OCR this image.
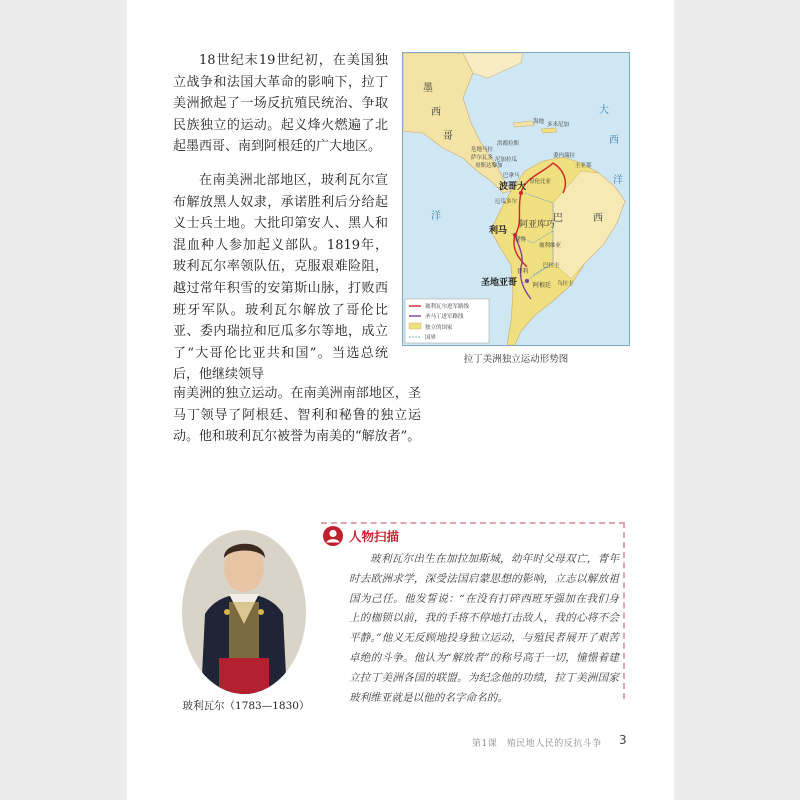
18世纪末19世纪初，在美国独立战争和法国大革命的影响下，拉丁美洲掀起了一场反抗殖民统治、争取民族独立的运动。起义烽火燃遍了北起墨西哥、南到阿根廷的广大地区。

在南美洲北部地区，玻利瓦尔宣布解放黑人奴隶，承诺胜利后分给起义士兵土地。大批印第安人、黑人和混血种人参加起义部队。1819年，玻利瓦尔率领队伍，克服艰难险阻，越过常年积雪的安第斯山脉，打败西班牙军队。玻利瓦尔解放了哥伦比亚、委内瑞拉和厄瓜多尔等地，成立了“大哥伦比亚共和国”。当选总统后，他继续领导

南美洲的独立运动。在南美洲南部地区，圣马丁领导了阿根廷、智利和秘鲁的独立运动。他和玻利瓦尔被誉为南美的“解放者”。

墨
西
哥
大
西
洋
洋
海地 多米尼加
危地马拉
洪都拉斯
尼加拉瓜
萨尔瓦多
哥斯达黎加
巴拿马
委内瑞拉
圭亚那
哥伦比亚
波哥大
厄瓜多尔
利马
阿亚库巧
秘鲁
玻利维亚
巴拉圭
阿根廷
智利
乌拉圭
巴	西
圣地亚哥
玻利瓦尔进军路线
圣马丁进军路线
独立的国家
国界
拉丁美洲独立运动形势图
玻利瓦尔（1783—1830）
人物扫描

玻利瓦尔出生在加拉加斯城，幼年时父母双亡，青年时去欧洲求学，深受法国启蒙思想的影响，立志以解放祖国为己任。他发誓说：“在没有打碎西班牙强加在我们身上的枷锁以前，我的手将不停地打击敌人，我的心将不会平静。”他义无反顾地投身独立运动，与殖民者展开了艰苦卓绝的斗争。他认为“解放者”的称号高于一切，憧憬着建立拉丁美洲各国的联盟。为纪念他的功绩，拉丁美洲国家玻利维亚就是以他的名字命名的。

第1课　殖民地人民的反抗斗争 3
